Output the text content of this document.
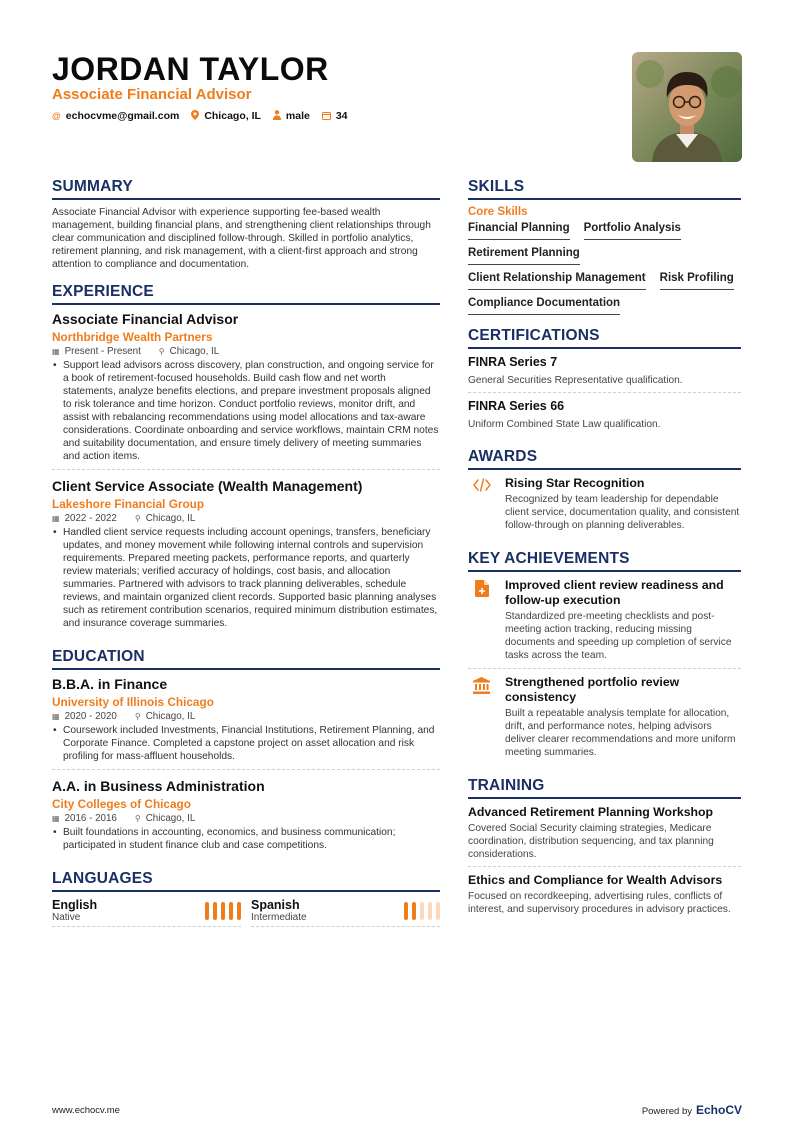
JORDAN TAYLOR
Associate Financial Advisor
@ echocvme@gmail.com Chicago, IL male 34
SUMMARY
Associate Financial Advisor with experience supporting fee-based wealth management, building financial plans, and strengthening client relationships through clear communication and disciplined follow-through. Skilled in portfolio analytics, retirement planning, and risk management, with a client-first approach and strong attention to compliance and documentation.
EXPERIENCE
Associate Financial Advisor
Northbridge Wealth Partners
▦ Present - Present ⚲ Chicago, IL
• Support lead advisors across discovery, plan construction, and ongoing service for a book of retirement-focused households. Build cash flow and net worth statements, analyze benefits elections, and prepare investment proposals aligned to risk tolerance and time horizon. Conduct portfolio reviews, monitor drift, and assist with rebalancing recommendations using model allocations and tax-aware considerations. Coordinate onboarding and service workflows, maintain CRM notes and suitability documentation, and ensure timely delivery of meeting summaries and action items.
Client Service Associate (Wealth Management)
Lakeshore Financial Group
▦ 2022 - 2022 ⚲ Chicago, IL
• Handled client service requests including account openings, transfers, beneficiary updates, and money movement while following internal controls and supervision requirements. Prepared meeting packets, performance reports, and quarterly review materials; verified accuracy of holdings, cost basis, and allocation summaries. Partnered with advisors to track planning deliverables, schedule reviews, and maintain organized client records. Supported basic planning analyses such as retirement contribution scenarios, required minimum distribution estimates, and insurance coverage summaries.
EDUCATION
B.B.A. in Finance
University of Illinois Chicago
▦ 2020 - 2020 ⚲ Chicago, IL
• Coursework included Investments, Financial Institutions, Retirement Planning, and Corporate Finance. Completed a capstone project on asset allocation and risk profiling for mass-affluent households.
A.A. in Business Administration
City Colleges of Chicago
▦ 2016 - 2016 ⚲ Chicago, IL
• Built foundations in accounting, economics, and business communication; participated in student finance club and case competitions.
LANGUAGES
English
Native
Spanish
Intermediate
SKILLS
Core Skills
Financial Planning Portfolio Analysis
Retirement Planning
Client Relationship Management Risk Profiling
Compliance Documentation
CERTIFICATIONS
FINRA Series 7
General Securities Representative qualification.
FINRA Series 66
Uniform Combined State Law qualification.
AWARDS
Rising Star Recognition
Recognized by team leadership for dependable client service, documentation quality, and consistent follow-through on planning deliverables.
KEY ACHIEVEMENTS
Improved client review readiness and follow-up execution
Standardized pre-meeting checklists and post-meeting action tracking, reducing missing documents and speeding up completion of service tasks across the team.
Strengthened portfolio review consistency
Built a repeatable analysis template for allocation, drift, and performance notes, helping advisors deliver clearer recommendations and more uniform meeting summaries.
TRAINING
Advanced Retirement Planning Workshop
Covered Social Security claiming strategies, Medicare coordination, distribution sequencing, and tax planning considerations.
Ethics and Compliance for Wealth Advisors
Focused on recordkeeping, advertising rules, conflicts of interest, and supervisory procedures in advisory practices.
www.echocv.me	Powered by EchoCV
